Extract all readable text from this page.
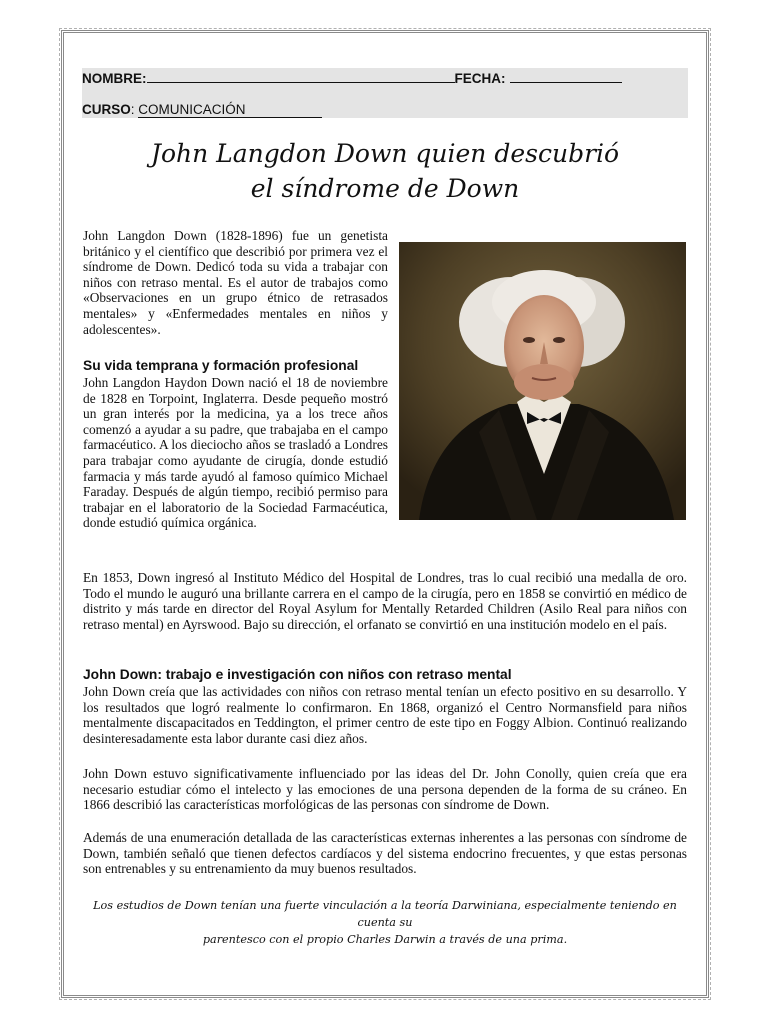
NOMBRE:	FECHA:
CURSO: COMUNICACIÓN
John Langdon Down quien descubrió
el síndrome de Down

John Langdon Down (1828-1896) fue un genetista británico y el científico que describió por primera vez el síndrome de Down. Dedicó toda su vida a trabajar con niños con retraso mental. Es el autor de trabajos como «Observaciones en un grupo étnico de retrasados mentales» y «Enfermedades mentales en niños y adolescentes».

Su vida temprana y formación profesional

John Langdon Haydon Down nació el 18 de noviembre de 1828 en Torpoint, Inglaterra. Desde pequeño mostró un gran interés por la medicina, ya a los trece años comenzó a ayudar a su padre, que trabajaba en el campo farmacéutico. A los dieciocho años se trasladó a Londres para trabajar como ayudante de cirugía, donde estudió farmacia y más tarde ayudó al famoso químico Michael Faraday. Después de algún tiempo, recibió permiso para trabajar en el laboratorio de la Sociedad Farmacéutica, donde estudió química orgánica.

En 1853, Down ingresó al Instituto Médico del Hospital de Londres, tras lo cual recibió una medalla de oro. Todo el mundo le auguró una brillante carrera en el campo de la cirugía, pero en 1858 se convirtió en médico de distrito y más tarde en director del Royal Asylum for Mentally Retarded Children (Asilo Real para niños con retraso mental) en Ayrswood. Bajo su dirección, el orfanato se convirtió en una institución modelo en el país.

John Down: trabajo e investigación con niños con retraso mental

John Down creía que las actividades con niños con retraso mental tenían un efecto positivo en su desarrollo. Y los resultados que logró realmente lo confirmaron. En 1868, organizó el Centro Normansfield para niños mentalmente discapacitados en Teddington, el primer centro de este tipo en Foggy Albion. Continuó realizando desinteresadamente esta labor durante casi diez años.

John Down estuvo significativamente influenciado por las ideas del Dr. John Conolly, quien creía que era necesario estudiar cómo el intelecto y las emociones de una persona dependen de la forma de su cráneo. En 1866 describió las características morfológicas de las personas con síndrome de Down.

Además de una enumeración detallada de las características externas inherentes a las personas con síndrome de Down, también señaló que tienen defectos cardíacos y del sistema endocrino frecuentes, y que estas personas son entrenables y su entrenamiento da muy buenos resultados.

Los estudios de Down tenían una fuerte vinculación a la teoría Darwiniana, especialmente teniendo en cuenta su
parentesco con el propio Charles Darwin a través de una prima.
